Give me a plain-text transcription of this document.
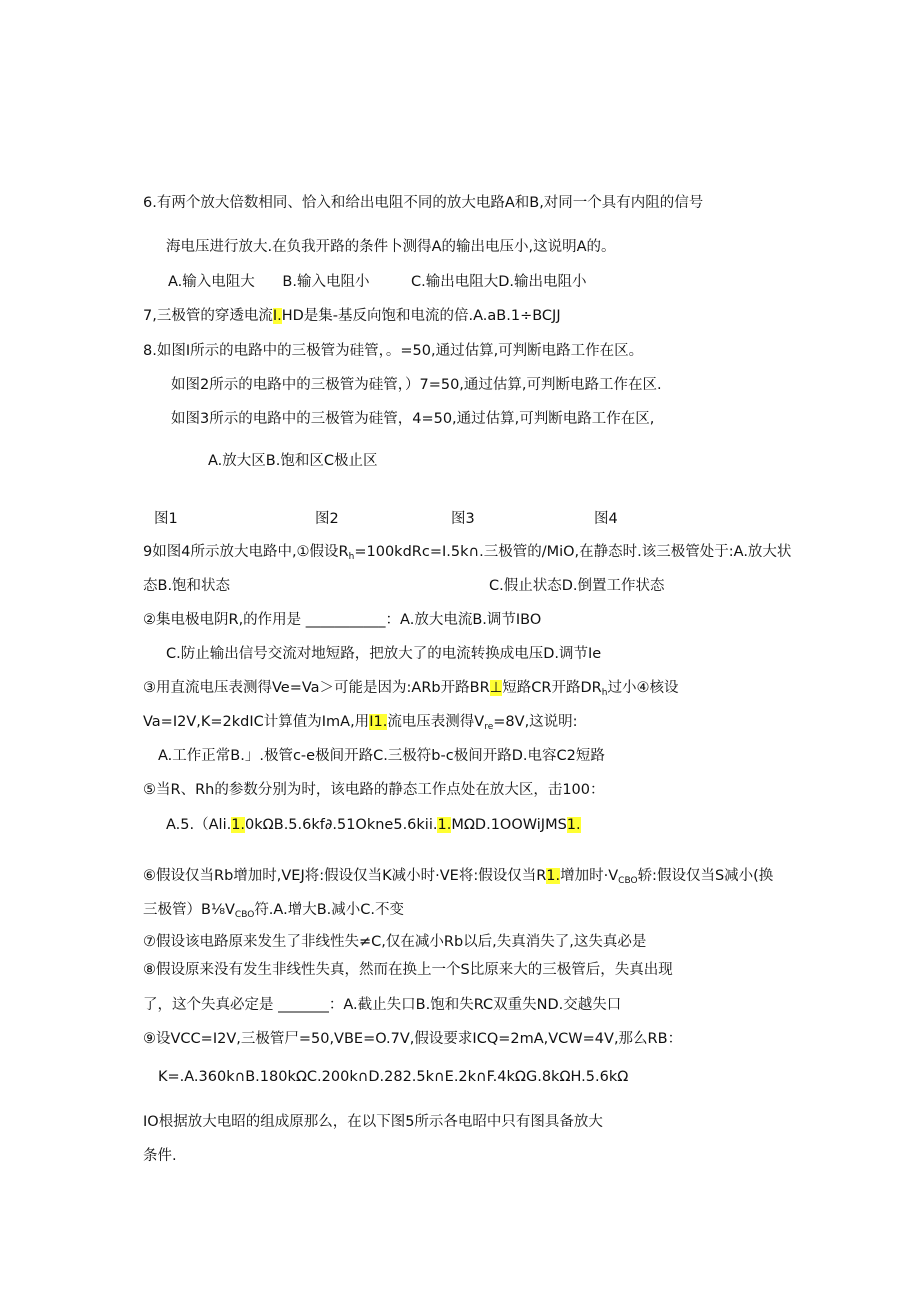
6.有两个放大倍数相同、恰入和给出电阻不同的放大电路A和B,对同一个具有内阻的信号
海电压进行放大.在负我开路的条件卜测得A的输出电压小,这说明A的。
A.输入电阻大      B.输入电阻小         C.输出电阻大D.输出电阻小
7,三极管的穿透电流I.HD是集-基反向饱和电流的倍.A.aB.1÷BCJJ
8.如图I所示的电路中的三极管为硅管，。=50,通过估算,可判断电路工作在区。
如图2所示的电路中的三极管为硅管，）7=50,通过估算,可判断电路工作在区.
如图3所示的电路中的三极管为硅管，4=50,通过估算,可判断电路工作在区,
A.放大区B.饱和区C极止区
图1	图2	图3	图4
9如图4所示放大电路中,①假设$R_h=100kdRc=I.5k\cap$.三极管的/MiO,在静态时.该三极管处于:A.放大状
态B.饱和状态	C.假止状态D.倒置工作状态
②集电极电阴R,的作用是 ___________：A.放大电流B.调节IBO
C.防止输出信号交流对地短路，把放大了的电流转换成电压D.调节Ie
③用直流电压表测得Ve=Va＞可能是因为:ARb开路BR⊥短路CR开路$DR_h$过小④核设
Va=I2V,K=2kdIC计算值为ImA,用I1.流电压表测得$V_{re}=8V$,这说明:
A.工作正常B.」.极管c-e极间开路C.三极符b-c极间开路D.电容C2短路
⑤当R、Rh的参数分别为时，该电路的静态工作点处在放大区，击100：
A.5.（Ali.1.0kΩB.5.6kf∂.51Okne5.6kii.1.MΩD.1OOWiJMS1.
⑥假设仅当Rb增加时,VEJ将:假设仅当K减小时·VE将:假设仅当R1.增加时$\cdot V_{CBO}$轿:假设仅当S减小(换
三极管）$B\frac{1}{8}V_{CBO}$符.A.增大B.减小C.不变
⑦假设该电路原来发生了非线性失≠C,仅在减小Rb以后,失真消失了,这失真必是
⑧假设原来没有发生非线性失真，然而在换上一个S比原来大的三极管后，失真出现
了，这个失真必定是 _______：A.截止失口B.饱和失RC双重失ND.交越失口
⑨设VCC=I2V,三极管尸=50,VBE=O.7V,假设要求ICQ=2mA,VCW=4V,那么RB：
K=.A.360k∩B.180kΩC.200k∩D.282.5k∩E.2k∩F.4kΩG.8kΩH.5.6kΩ
IO根据放大电昭的组成原那么，在以下图5所示各电昭中只有图具备放大
条件.
